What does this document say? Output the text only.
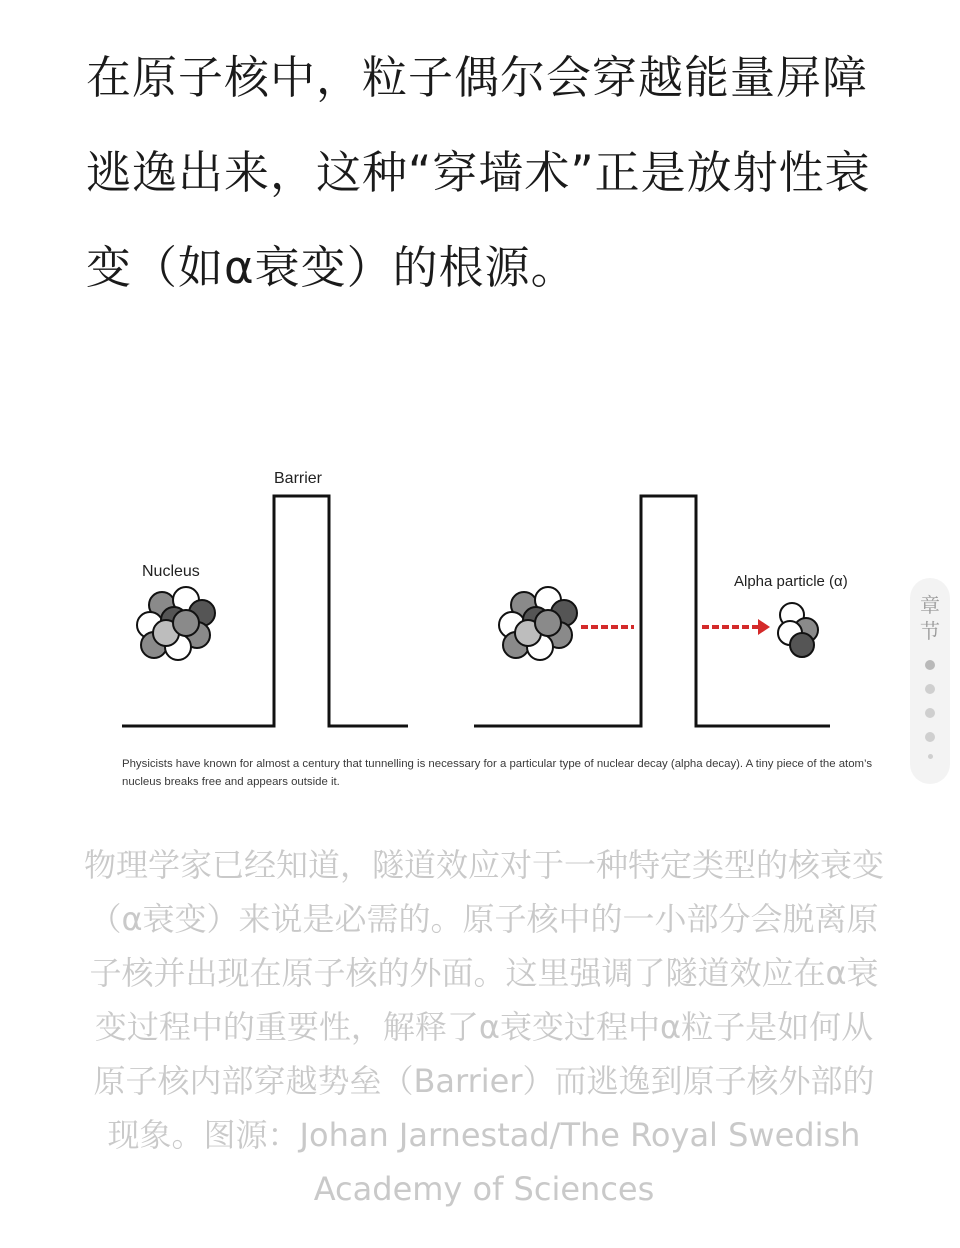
在原子核中，粒子偶尔会穿越能量屏障逃逸出来，这种“穿墙术”正是放射性衰变（如α衰变）的根源。

Barrier
Nucleus
Alpha particle (α)

Physicists have known for almost a century that tunnelling is necessary for a particular type of nuclear decay (alpha decay). A tiny piece of the atom’s nucleus breaks free and appears outside it.

物理学家已经知道，隧道效应对于一种特定类型的核衰变（α衰变）来说是必需的。原子核中的一小部分会脱离原子核并出现在原子核的外面。这里强调了隧道效应在α衰变过程中的重要性，解释了α衰变过程中α粒子是如何从原子核内部穿越势垒（Barrier）而逃逸到原子核外部的现象。图源：Johan Jarnestad/The Royal Swedish Academy of Sciences

章节
